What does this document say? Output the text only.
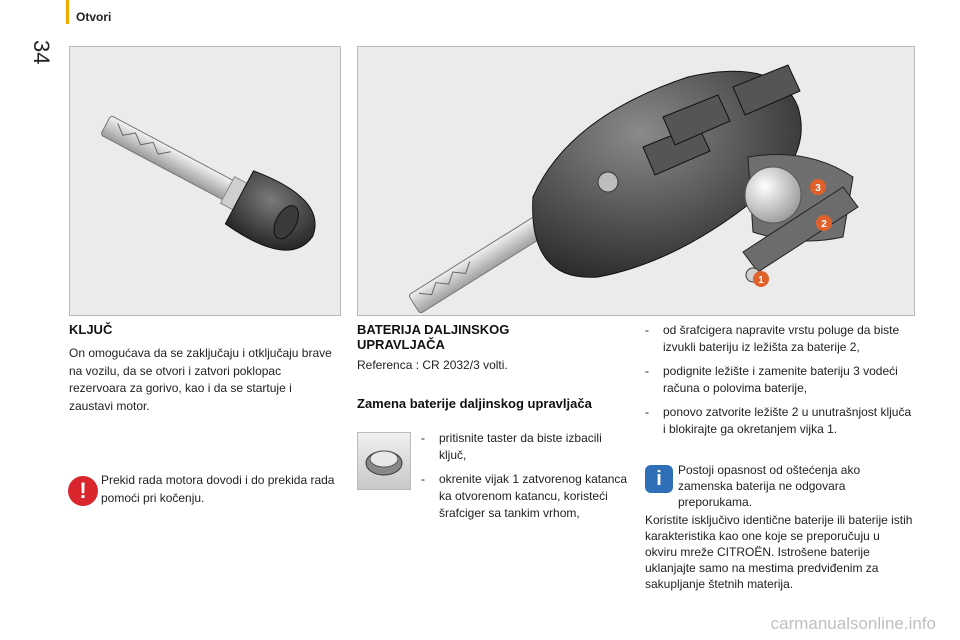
34
Otvori
1
2
3
KLJUČ
On omogućava da se zaključaju i otključaju brave na vozilu, da se otvori i zatvori poklopac rezervoara za gorivo, kao i da se startuje i zaustavi motor.
!	Prekid rada motora dovodi i do prekida rada pomoći pri kočenju.
BATERIJA DALJINSKOG UPRAVLJAČA
Referenca : CR 2032/3 volti.
Zamena baterije daljinskog upravljača
-	pritisnite taster da biste izbacili ključ,
-	okrenite vijak 1 zatvorenog katanca ka otvorenom katancu, koristeći šrafciger sa tankim vrhom,
-	od šrafcigera napravite vrstu poluge da biste izvukli bateriju iz ležišta za baterije 2,
-	podignite ležište i zamenite bateriju 3 vodeći računa o polovima baterije,
-	ponovo zatvorite ležište 2 u unutrašnjost ključa i blokirajte ga okretanjem vijka 1.
i	Postoji opasnost od oštećenja ako zamenska baterija ne odgovara preporukama.
Koristite isključivo identične baterije ili baterije istih karakteristika kao one koje se preporučuju u okviru mreže CITROËN. Istrošene baterije uklanjajte samo na mestima predviđenim za sakupljanje štetnih materija.
carmanualsonline.info
